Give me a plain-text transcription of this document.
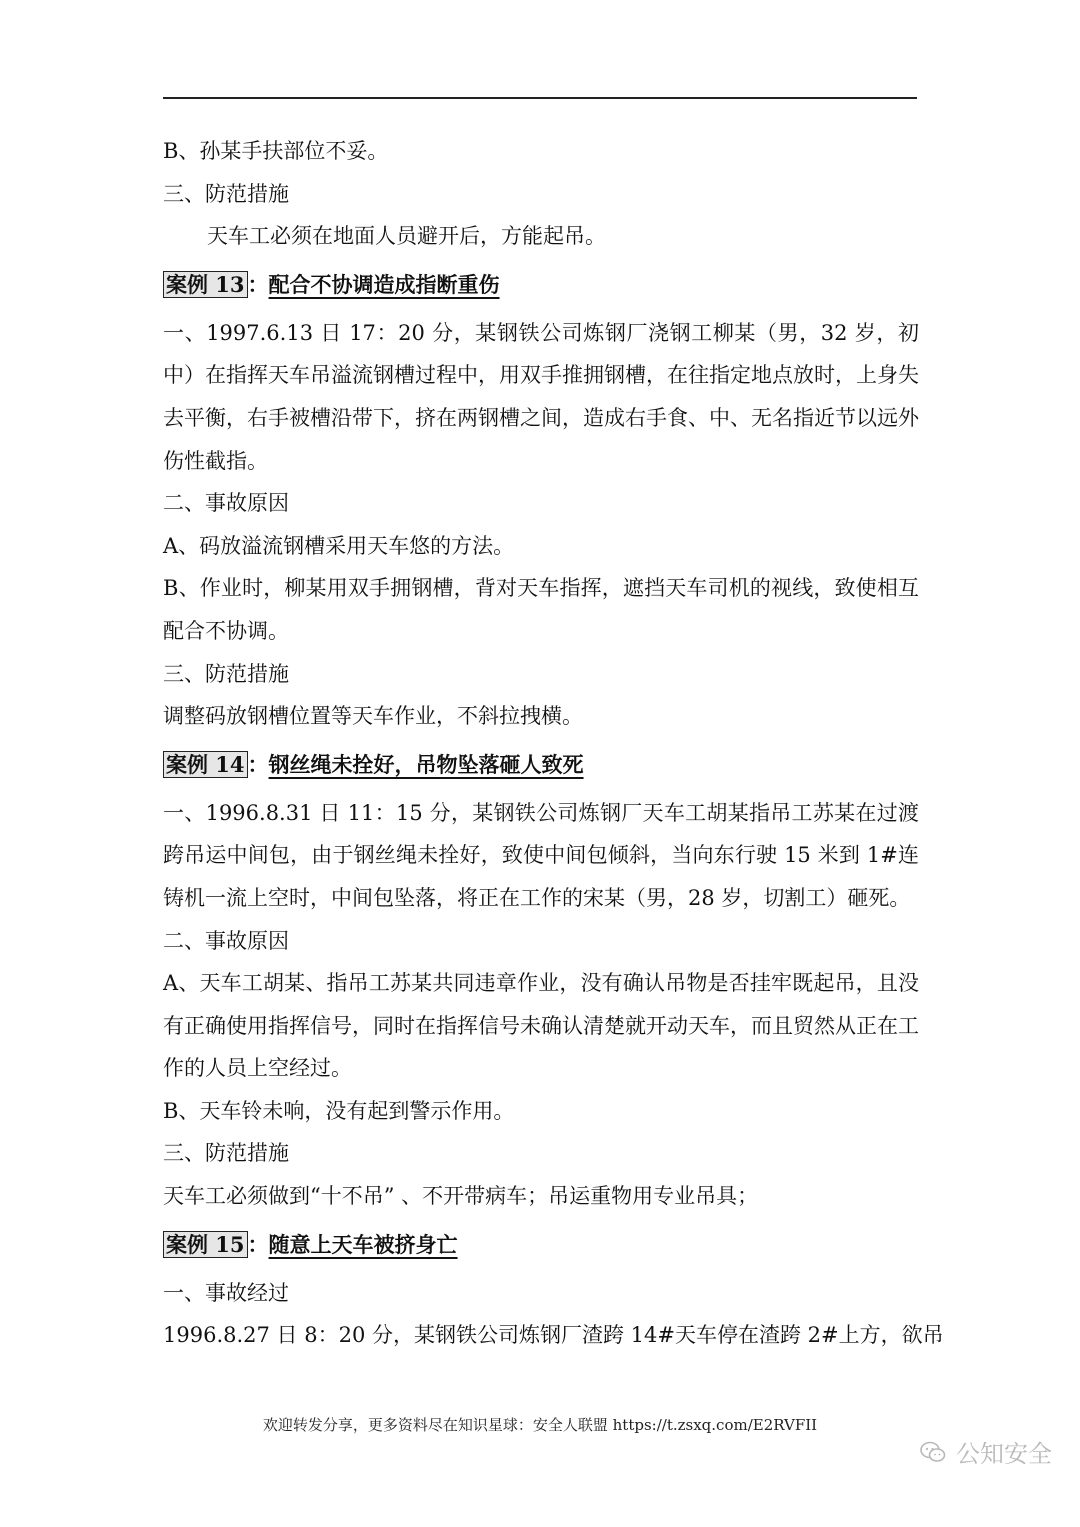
B、孙某手扶部位不妥。

三、防范措施

天车工必须在地面人员避开后，方能起吊。

案例 13 ：配合不协调造成指断重伤

一、1997.6.13 日 17：20 分，某钢铁公司炼钢厂浇钢工柳某（男，32 岁，初中）在指挥天车吊溢流钢槽过程中，用双手推拥钢槽，在往指定地点放时，上身失去平衡，右手被槽沿带下，挤在两钢槽之间，造成右手食、中、无名指近节以远外伤性截指。

二、事故原因

A、码放溢流钢槽采用天车悠的方法。

B、作业时，柳某用双手拥钢槽，背对天车指挥，遮挡天车司机的视线，致使相互配合不协调。

三、防范措施

调整码放钢槽位置等天车作业，不斜拉拽横。

案例 14 ：钢丝绳未拴好，吊物坠落砸人致死

一、1996.8.31 日 11：15 分，某钢铁公司炼钢厂天车工胡某指吊工苏某在过渡跨吊运中间包，由于钢丝绳未拴好，致使中间包倾斜，当向东行驶 15 米到 1#连铸机一流上空时，中间包坠落，将正在工作的宋某（男，28 岁，切割工）砸死。

二、事故原因

A、天车工胡某、指吊工苏某共同违章作业，没有确认吊物是否挂牢既起吊，且没有正确使用指挥信号，同时在指挥信号未确认清楚就开动天车，而且贸然从正在工作的人员上空经过。

B、天车铃未响，没有起到警示作用。

三、防范措施

天车工必须做到“十不吊” 、不开带病车；吊运重物用专业吊具；

案例 15 ：随意上天车被挤身亡

一、事故经过

1996.8.27 日 8：20 分，某钢铁公司炼钢厂渣跨 14#天车停在渣跨 2#上方，欲吊

欢迎转发分享，更多资料尽在知识星球：安全人联盟 https://t.zsxq.com/E2RVFII
公知安全
